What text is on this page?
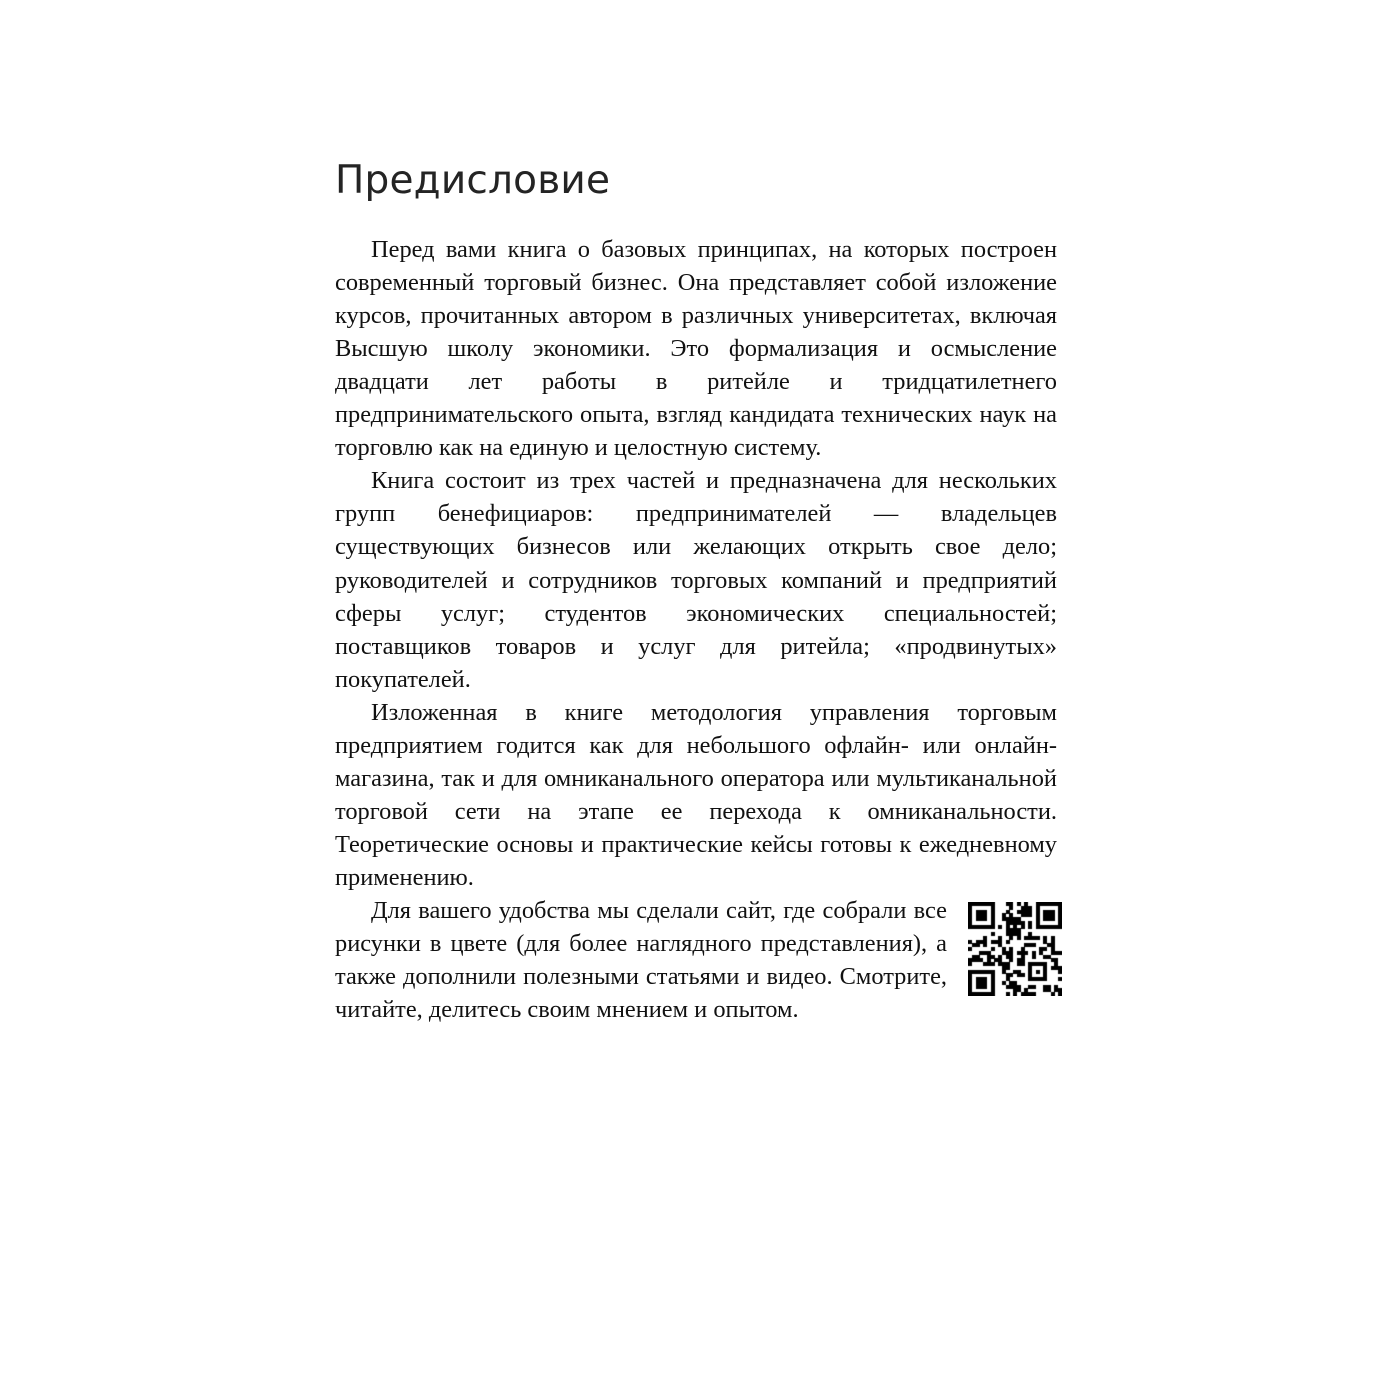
Предисловие

Перед вами книга о базовых принципах, на которых построен современный торговый бизнес. Она представляет собой изложение курсов, прочитанных автором в различных университетах, включая Высшую школу экономики. Это формализация и осмысление двадцати лет работы в ритейле и тридцатилетнего предпринимательского опыта, взгляд кандидата технических наук на торговлю как на единую и целостную систему.

Книга состоит из трех частей и предназначена для нескольких групп бенефициаров: предпринимателей — владельцев существующих бизнесов или желающих открыть свое дело; руководителей и сотрудников торговых компаний и предприятий сферы услуг; студентов экономических специальностей; поставщиков товаров и услуг для ритейла; «продвинутых» покупателей.

Изложенная в книге методология управления торговым предприятием годится как для небольшого офлайн- или онлайн-магазина, так и для омниканального оператора или мультиканальной торговой сети на этапе ее перехода к омниканальности. Теоретические основы и практические кейсы готовы к ежедневному применению.

Для вашего удобства мы сделали сайт, где собрали все рисунки в цвете (для более наглядного представления), а также дополнили полезными статьями и видео. Смотрите, читайте, делитесь своим мнением и опытом.
